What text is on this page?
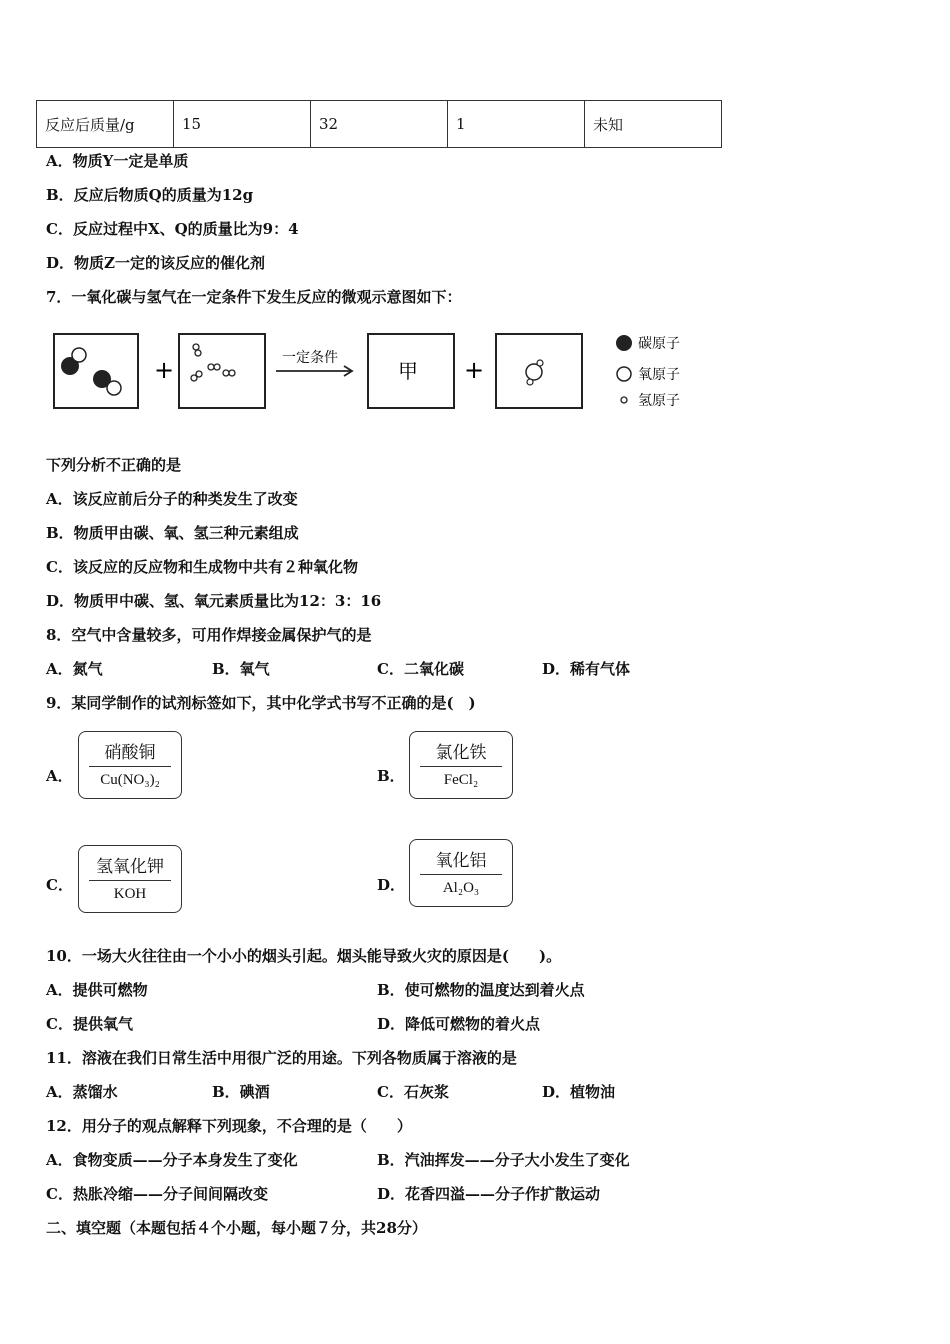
反应后质量/g	15	32	1	未知
A．物质Y一定是单质
B．反应后物质Q的质量为12g
C．反应过程中X、Q的质量比为9：4
D．物质Z一定的该反应的催化剂
7．一氧化碳与氢气在一定条件下发生反应的微观示意图如下：
+	一定条件
甲 +
碳原子
氧原子
氢原子
下列分析不正确的是
A．该反应前后分子的种类发生了改变
B．物质甲由碳、氧、氢三种元素组成
C．该反应的反应物和生成物中共有２种氧化物
D．物质甲中碳、氢、氧元素质量比为12：3：16
8．空气中含量较多，可用作焊接金属保护气的是
A．氮气	B．氧气	C．二氧化碳	D．稀有气体
9．某同学制作的试剂标签如下，其中化学式书写不正确的是(　)
A．
硝酸铜
Cu(NO₃)₂	B．
氯化铁
FeCl₂
C．
氢氧化钾
KOH	D．
氧化铝
Al₂O₃
10．一场大火往往由一个小小的烟头引起。烟头能导致火灾的原因是(　　)。
A．提供可燃物	B．使可燃物的温度达到着火点
C．提供氧气	D．降低可燃物的着火点
11．溶液在我们日常生活中用很广泛的用途。下列各物质属于溶液的是
A．蒸馏水	B．碘酒	C．石灰浆	D．植物油
12．用分子的观点解释下列现象，不合理的是（　　）
A．食物变质——分子本身发生了变化	B．汽油挥发——分子大小发生了变化
C．热胀冷缩——分子间间隔改变	D．花香四溢——分子作扩散运动
二、填空题（本题包括４个小题，每小题７分，共28分）
